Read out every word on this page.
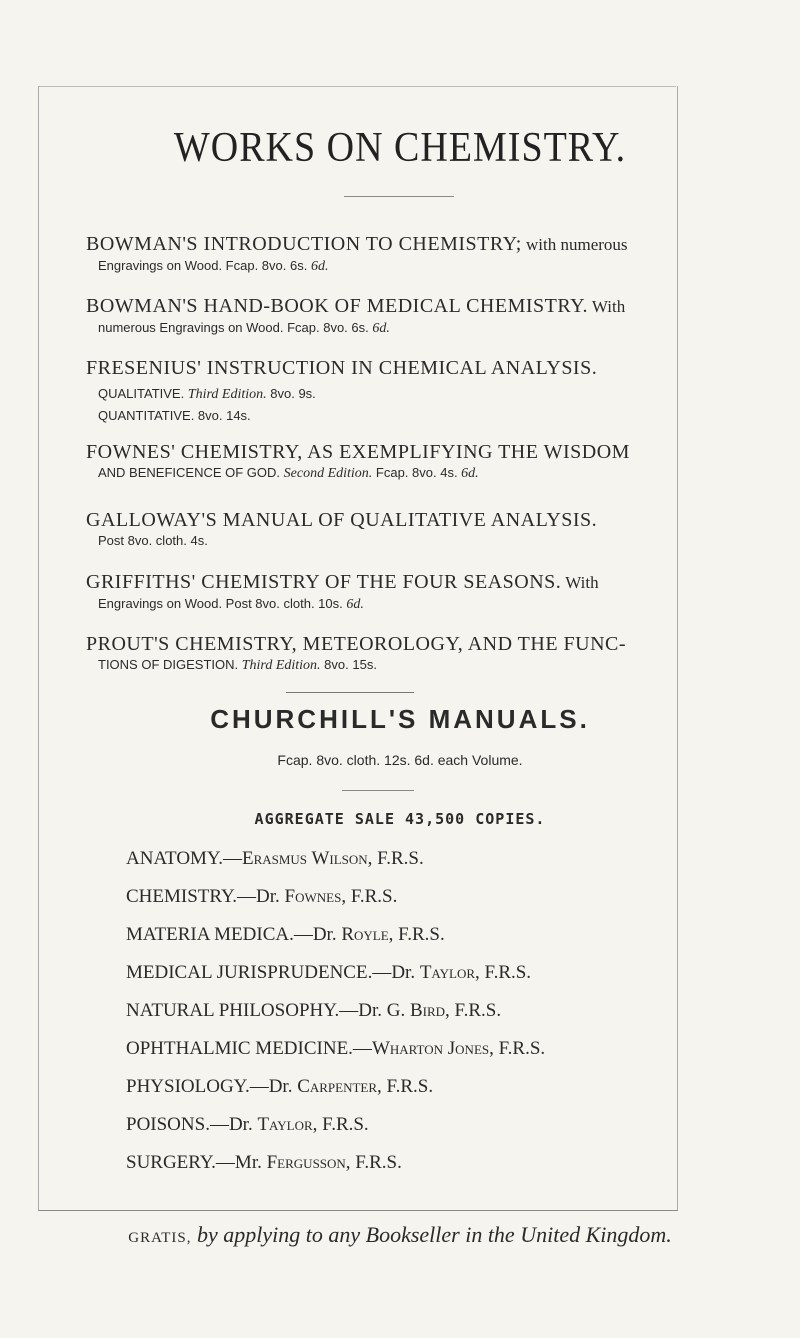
WORKS ON CHEMISTRY.
BOWMAN'S INTRODUCTION TO CHEMISTRY; with numerous
Engravings on Wood. Fcap. 8vo. 6s. 6d.
BOWMAN'S HAND-BOOK OF MEDICAL CHEMISTRY. With
numerous Engravings on Wood. Fcap. 8vo. 6s. 6d.
FRESENIUS' INSTRUCTION IN CHEMICAL ANALYSIS.
QUALITATIVE. Third Edition. 8vo. 9s.
QUANTITATIVE. 8vo. 14s.
FOWNES' CHEMISTRY, AS EXEMPLIFYING THE WISDOM
AND BENEFICENCE OF GOD. Second Edition. Fcap. 8vo. 4s. 6d.
GALLOWAY'S MANUAL OF QUALITATIVE ANALYSIS.
Post 8vo. cloth. 4s.
GRIFFITHS' CHEMISTRY OF THE FOUR SEASONS. With
Engravings on Wood. Post 8vo. cloth. 10s. 6d.
PROUT'S CHEMISTRY, METEOROLOGY, AND THE FUNC-
TIONS OF DIGESTION. Third Edition. 8vo. 15s.
CHURCHILL'S MANUALS.
Fcap. 8vo. cloth. 12s. 6d. each Volume.
AGGREGATE SALE 43,500 COPIES.
ANATOMY.—Erasmus Wilson, F.R.S.
CHEMISTRY.—Dr. Fownes, F.R.S.
MATERIA MEDICA.—Dr. Royle, F.R.S.
MEDICAL JURISPRUDENCE.—Dr. Taylor, F.R.S.
NATURAL PHILOSOPHY.—Dr. G. Bird, F.R.S.
OPHTHALMIC MEDICINE.—Wharton Jones, F.R.S.
PHYSIOLOGY.—Dr. Carpenter, F.R.S.
POISONS.—Dr. Taylor, F.R.S.
GRATIS, by applying to any Bookseller in the United Kingdom.
SURGERY.—Mr. Fergusson, F.R.S.
